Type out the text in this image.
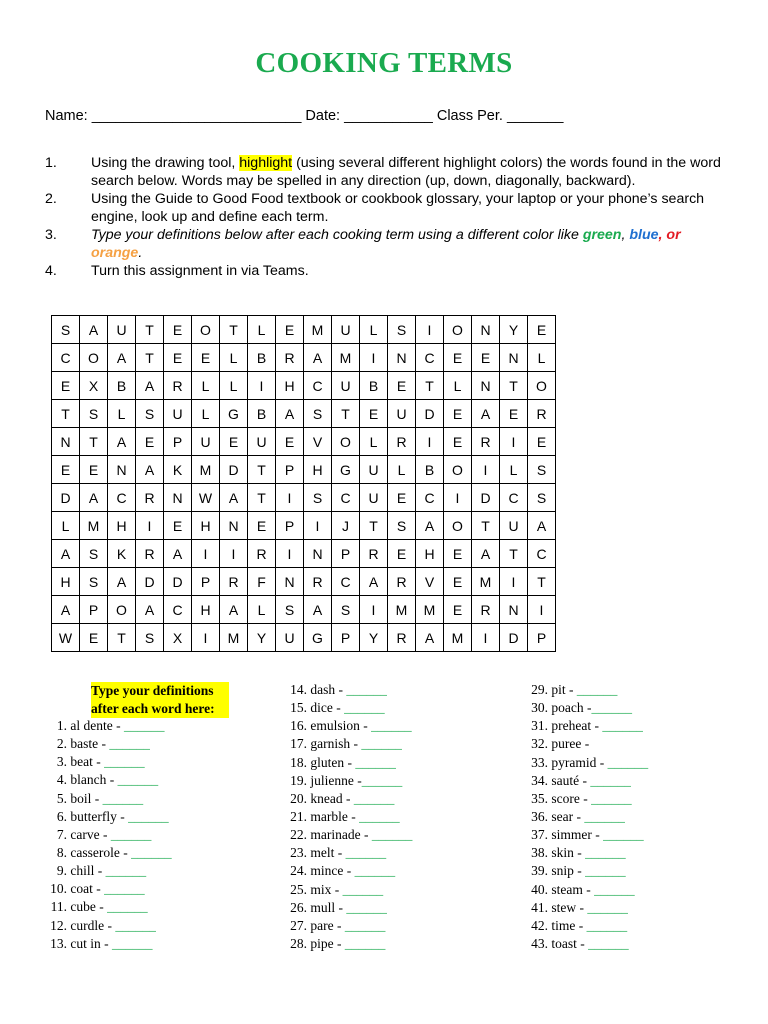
COOKING TERMS
Name: __________________________ Date: ___________ Class Per. _______
1. Using the drawing tool, highlight (using several different highlight colors) the words found in the word search below. Words may be spelled in any direction (up, down, diagonally, backward).
2. Using the Guide to Good Food textbook or cookbook glossary, your laptop or your phone’s search engine, look up and define each term.
3. Type your definitions below after each cooking term using a different color like green, blue, or orange.
4. Turn this assignment in via Teams.
S	A	U	T	E	O	T	L	E	M	U	L	S	I	O	N	Y	E
C	O	A	T	E	E	L	B	R	A	M	I	N	C	E	E	N	L
E	X	B	A	R	L	L	I	H	C	U	B	E	T	L	N	T	O
T	S	L	S	U	L	G	B	A	S	T	E	U	D	E	A	E	R
N	T	A	E	P	U	E	U	E	V	O	L	R	I	E	R	I	E
E	E	N	A	K	M	D	T	P	H	G	U	L	B	O	I	L	S
D	A	C	R	N	W	A	T	I	S	C	U	E	C	I	D	C	S
L	M	H	I	E	H	N	E	P	I	J	T	S	A	O	T	U	A
A	S	K	R	A	I	I	R	I	N	P	R	E	H	E	A	T	C
H	S	A	D	D	P	R	F	N	R	C	A	R	V	E	M	I	T
A	P	O	A	C	H	A	L	S	A	S	I	M	M	E	R	N	I
W	E	T	S	X	I	M	Y	U	G	P	Y	R	A	M	I	D	P
Type your definitions
after each word here:
1. al dente - ______
2. baste - ______
3. beat - ______
4. blanch - ______
5. boil - ______
6. butterfly - ______
7. carve - ______
8. casserole - ______
9. chill - ______
10. coat - ______
11. cube - ______
12. curdle - ______
13. cut in - ______
14. dash - ______
15. dice - ______
16. emulsion - ______
17. garnish - ______
18. gluten - ______
19. julienne -______
20. knead - ______
21. marble - ______
22. marinade - ______
23. melt - ______
24. mince - ______
25. mix - ______
26. mull - ______
27. pare - ______
28. pipe - ______
29. pit - ______
30. poach -______
31. preheat - ______
32. puree -
33. pyramid - ______
34. sauté - ______
35. score - ______
36. sear - ______
37. simmer - ______
38. skin - ______
39. snip - ______
40. steam - ______
41. stew - ______
42. time - ______
43. toast - ______
